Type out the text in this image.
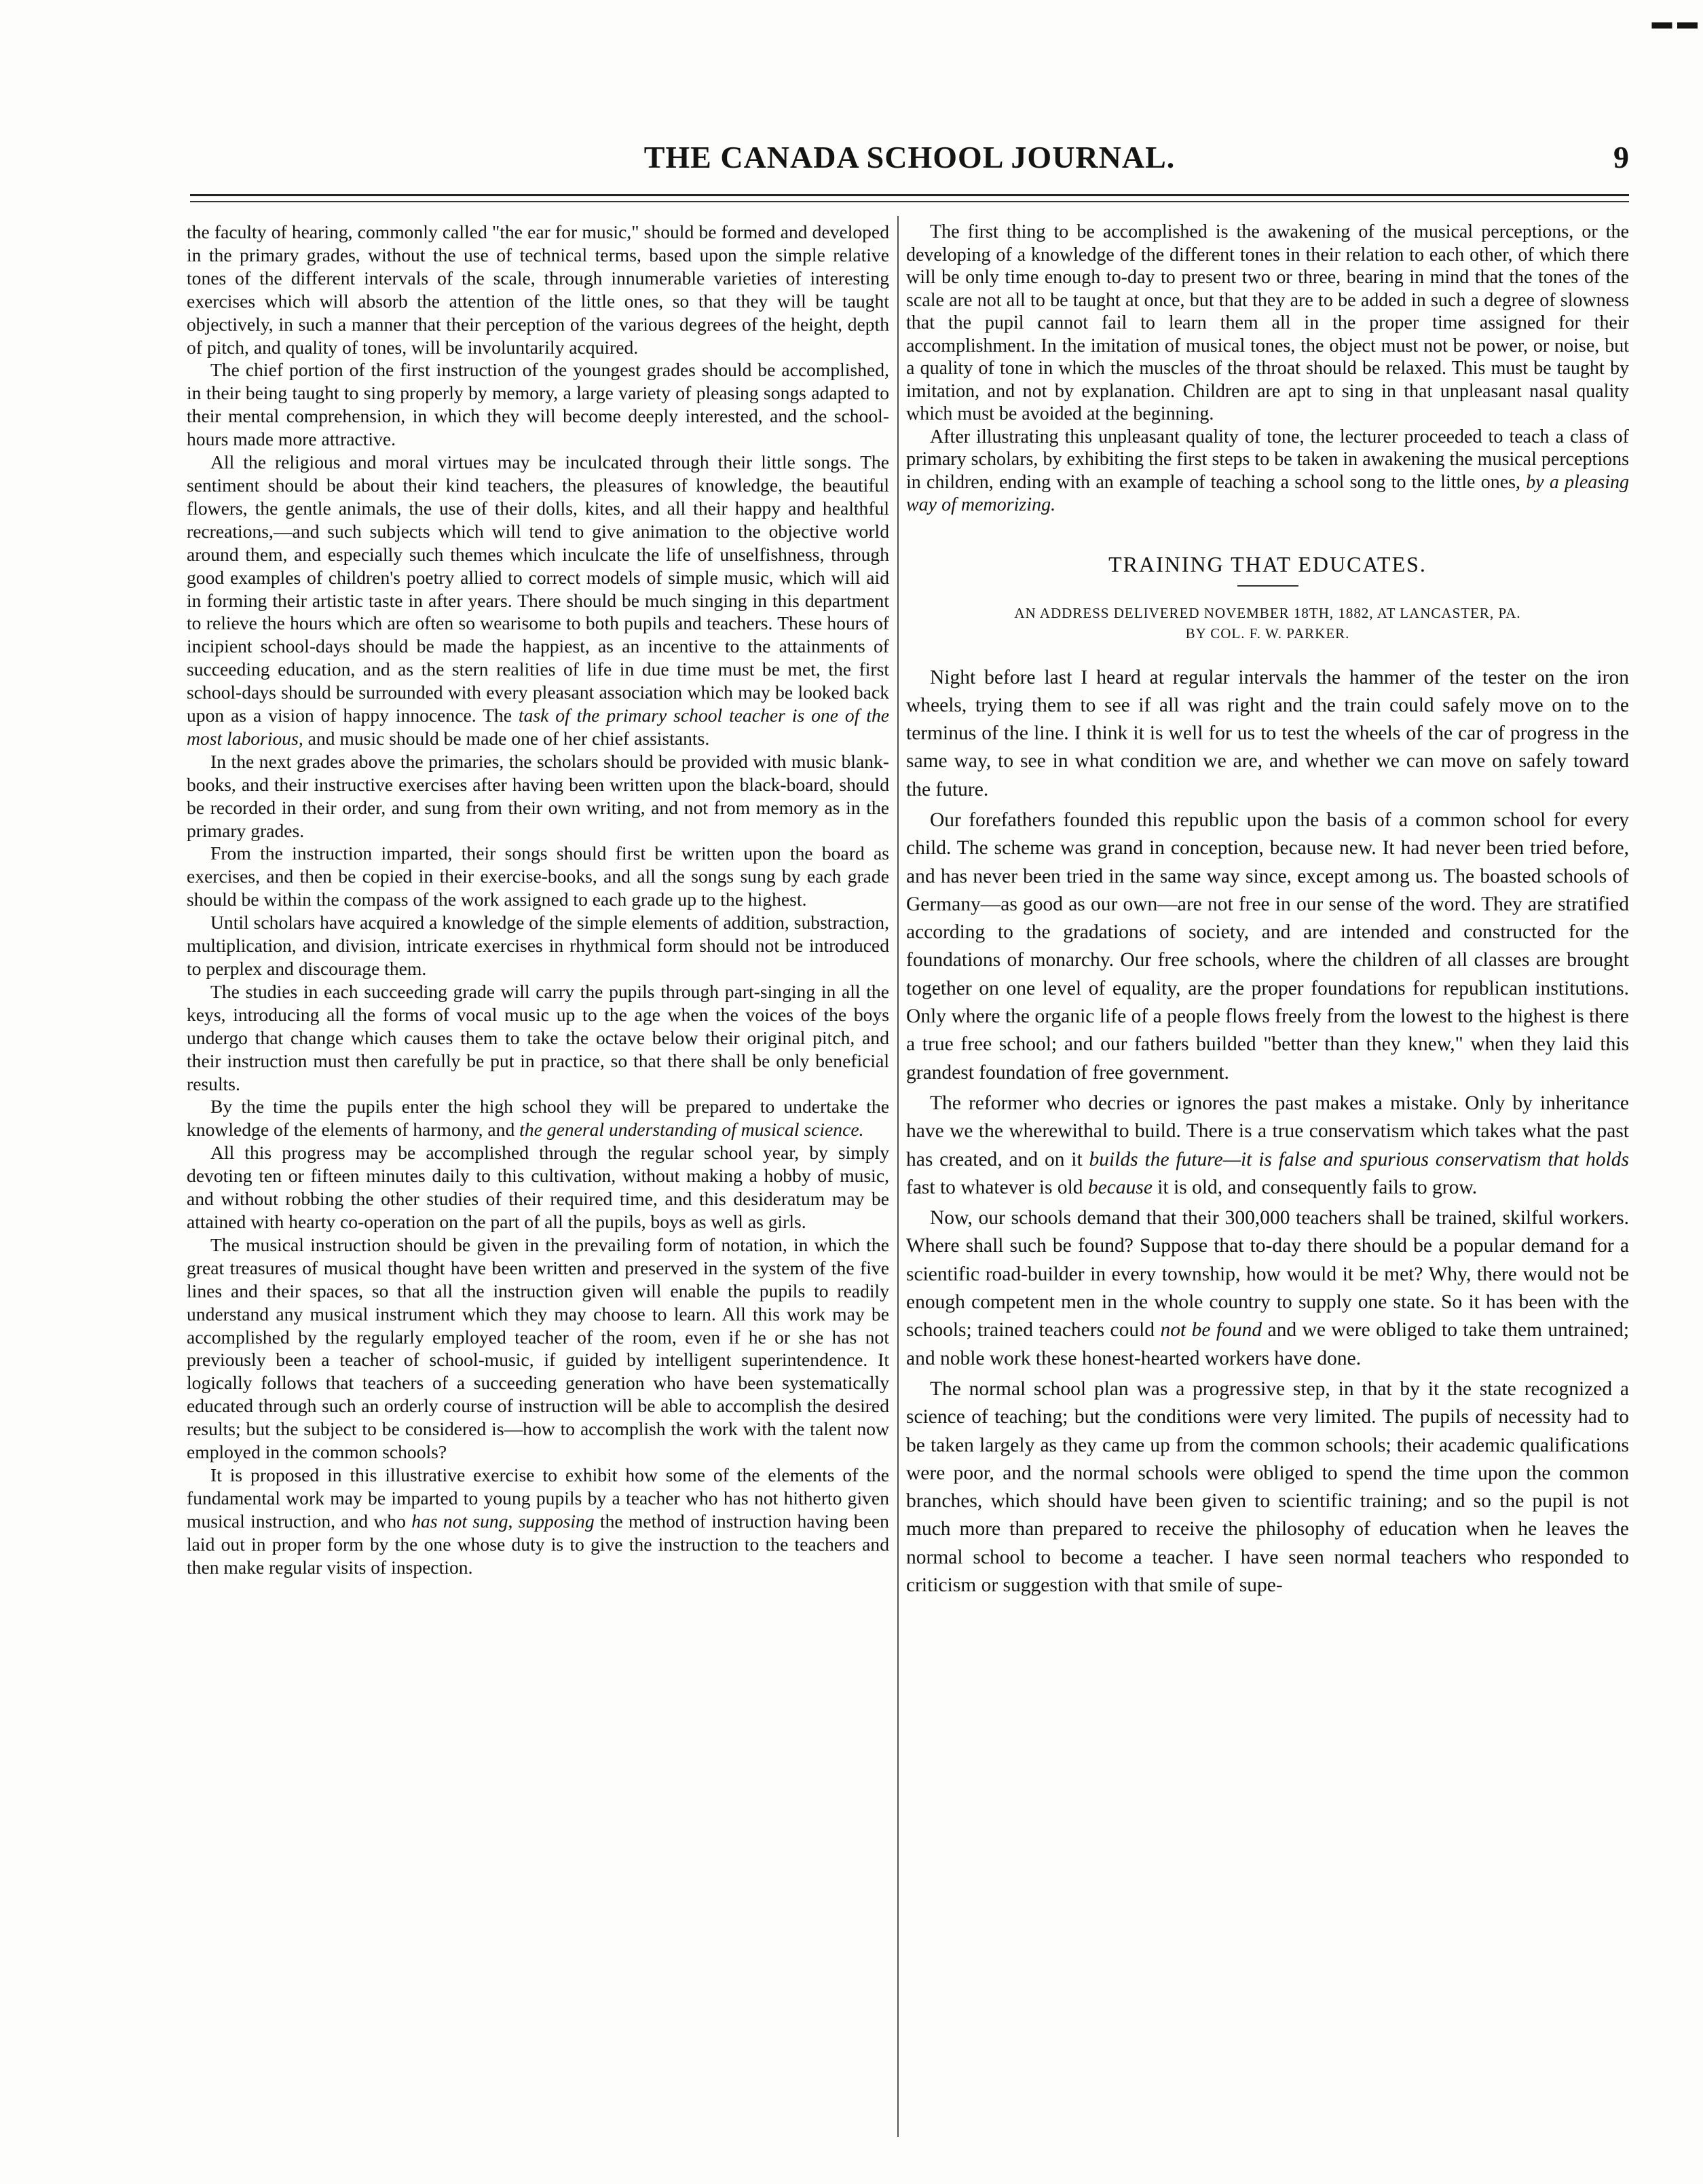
▬ ▬
THE CANADA SCHOOL JOURNAL.	9

the faculty of hearing, commonly called "the ear for music," should be formed and developed in the primary grades, without the use of technical terms, based upon the simple relative tones of the different intervals of the scale, through innumerable varieties of interesting exercises which will absorb the attention of the little ones, so that they will be taught objectively, in such a manner that their perception of the various degrees of the height, depth of pitch, and quality of tones, will be involuntarily acquired.

The chief portion of the first instruction of the youngest grades should be accomplished, in their being taught to sing properly by memory, a large variety of pleasing songs adapted to their mental comprehension, in which they will become deeply interested, and the school-hours made more attractive.

All the religious and moral virtues may be inculcated through their little songs. The sentiment should be about their kind teachers, the pleasures of knowledge, the beautiful flowers, the gentle animals, the use of their dolls, kites, and all their happy and healthful recreations,—and such subjects which will tend to give animation to the objective world around them, and especially such themes which inculcate the life of unselfishness, through good examples of children's poetry allied to correct models of simple music, which will aid in forming their artistic taste in after years. There should be much singing in this department to relieve the hours which are often so wearisome to both pupils and teachers. These hours of incipient school-days should be made the happiest, as an incentive to the attainments of succeeding education, and as the stern realities of life in due time must be met, the first school-days should be surrounded with every pleasant association which may be looked back upon as a vision of happy innocence. The task of the primary school teacher is one of the most laborious, and music should be made one of her chief assistants.

In the next grades above the primaries, the scholars should be provided with music blank-books, and their instructive exercises after having been written upon the black-board, should be recorded in their order, and sung from their own writing, and not from memory as in the primary grades.

From the instruction imparted, their songs should first be written upon the board as exercises, and then be copied in their exercise-books, and all the songs sung by each grade should be within the compass of the work assigned to each grade up to the highest.

Until scholars have acquired a knowledge of the simple elements of addition, substraction, multiplication, and division, intricate exercises in rhythmical form should not be introduced to perplex and discourage them.

The studies in each succeeding grade will carry the pupils through part-singing in all the keys, introducing all the forms of vocal music up to the age when the voices of the boys undergo that change which causes them to take the octave below their original pitch, and their instruction must then carefully be put in practice, so that there shall be only beneficial results.

By the time the pupils enter the high school they will be prepared to undertake the knowledge of the elements of harmony, and the general understanding of musical science.

All this progress may be accomplished through the regular school year, by simply devoting ten or fifteen minutes daily to this cultivation, without making a hobby of music, and without robbing the other studies of their required time, and this desideratum may be attained with hearty co-operation on the part of all the pupils, boys as well as girls.

The musical instruction should be given in the prevailing form of notation, in which the great treasures of musical thought have been written and preserved in the system of the five lines and their spaces, so that all the instruction given will enable the pupils to readily understand any musical instrument which they may choose to learn. All this work may be accomplished by the regularly employed teacher of the room, even if he or she has not previously been a teacher of school-music, if guided by intelligent superintendence. It logically follows that teachers of a succeeding generation who have been systematically educated through such an orderly course of instruction will be able to accomplish the desired results; but the subject to be considered is—how to accomplish the work with the talent now employed in the common schools?

It is proposed in this illustrative exercise to exhibit how some of the elements of the fundamental work may be imparted to young pupils by a teacher who has not hitherto given musical instruction, and who has not sung, supposing the method of instruction having been laid out in proper form by the one whose duty is to give the instruction to the teachers and then make regular visits of inspection.

The first thing to be accomplished is the awakening of the musical perceptions, or the developing of a knowledge of the different tones in their relation to each other, of which there will be only time enough to-day to present two or three, bearing in mind that the tones of the scale are not all to be taught at once, but that they are to be added in such a degree of slowness that the pupil cannot fail to learn them all in the proper time assigned for their accomplishment. In the imitation of musical tones, the object must not be power, or noise, but a quality of tone in which the muscles of the throat should be relaxed. This must be taught by imitation, and not by explanation. Children are apt to sing in that unpleasant nasal quality which must be avoided at the beginning.

After illustrating this unpleasant quality of tone, the lecturer proceeded to teach a class of primary scholars, by exhibiting the first steps to be taken in awakening the musical perceptions in children, ending with an example of teaching a school song to the little ones, by a pleasing way of memorizing.

TRAINING THAT EDUCATES.
AN ADDRESS DELIVERED NOVEMBER 18TH, 1882, AT LANCASTER, PA.
BY COL. F. W. PARKER.

Night before last I heard at regular intervals the hammer of the tester on the iron wheels, trying them to see if all was right and the train could safely move on to the terminus of the line. I think it is well for us to test the wheels of the car of progress in the same way, to see in what condition we are, and whether we can move on safely toward the future.

Our forefathers founded this republic upon the basis of a common school for every child. The scheme was grand in conception, because new. It had never been tried before, and has never been tried in the same way since, except among us. The boasted schools of Germany—as good as our own—are not free in our sense of the word. They are stratified according to the gradations of society, and are intended and constructed for the foundations of monarchy. Our free schools, where the children of all classes are brought together on one level of equality, are the proper foundations for republican institutions. Only where the organic life of a people flows freely from the lowest to the highest is there a true free school; and our fathers builded "better than they knew," when they laid this grandest foundation of free government.

The reformer who decries or ignores the past makes a mistake. Only by inheritance have we the wherewithal to build. There is a true conservatism which takes what the past has created, and on it builds the future—it is false and spurious conservatism that holds fast to whatever is old because it is old, and consequently fails to grow.

Now, our schools demand that their 300,000 teachers shall be trained, skilful workers. Where shall such be found? Suppose that to-day there should be a popular demand for a scientific road-builder in every township, how would it be met? Why, there would not be enough competent men in the whole country to supply one state. So it has been with the schools; trained teachers could not be found and we were obliged to take them untrained; and noble work these honest-hearted workers have done.

The normal school plan was a progressive step, in that by it the state recognized a science of teaching; but the conditions were very limited. The pupils of necessity had to be taken largely as they came up from the common schools; their academic qualifications were poor, and the normal schools were obliged to spend the time upon the common branches, which should have been given to scientific training; and so the pupil is not much more than prepared to receive the philosophy of education when he leaves the normal school to become a teacher. I have seen normal teachers who responded to criticism or suggestion with that smile of supe-
